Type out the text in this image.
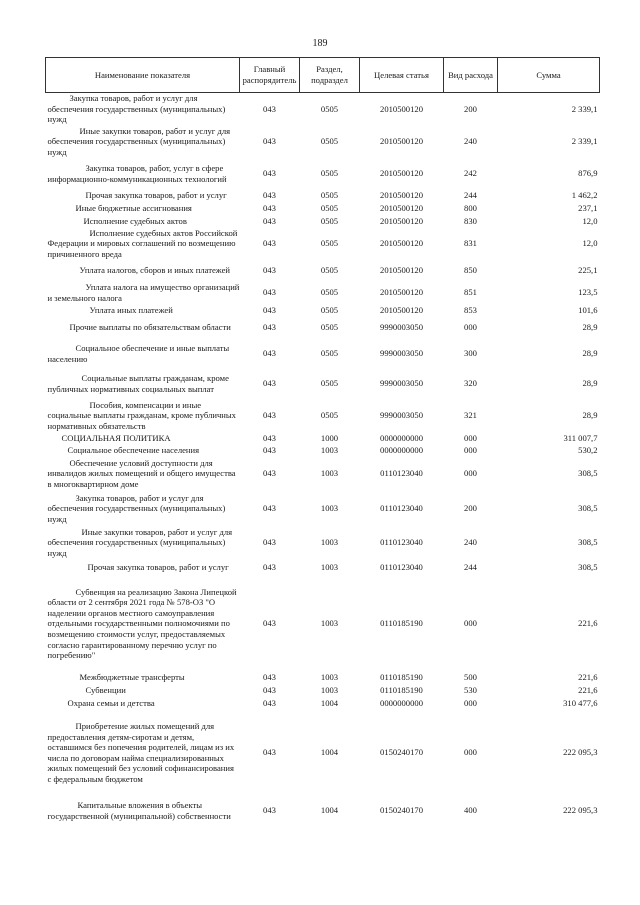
189
Наименование показателя	Главный распорядитель	Раздел, подраздел	Целевая статья	Вид расхода	Сумма
Закупка товаров, работ и услуг для обеспечения государственных (муниципальных) нужд	043	0505	2010500120	200	2 339,1
Иные закупки товаров, работ и услуг для обеспечения государственных (муниципальных) нужд	043	0505	2010500120	240	2 339,1
Закупка товаров, работ, услуг в сфере информационно-коммуникационных технологий	043	0505	2010500120	242	876,9
Прочая закупка товаров, работ и услуг	043	0505	2010500120	244	1 462,2
Иные бюджетные ассигнования	043	0505	2010500120	800	237,1
Исполнение судебных актов	043	0505	2010500120	830	12,0
Исполнение судебных актов Российской Федерации и мировых соглашений по возмещению причиненного вреда	043	0505	2010500120	831	12,0
Уплата налогов, сборов и иных платежей	043	0505	2010500120	850	225,1
Уплата налога на имущество организаций и земельного налога	043	0505	2010500120	851	123,5
Уплата иных платежей	043	0505	2010500120	853	101,6
Прочие выплаты по обязательствам области	043	0505	9990003050	000	28,9
Социальное обеспечение и иные выплаты населению	043	0505	9990003050	300	28,9
Социальные выплаты гражданам, кроме публичных нормативных социальных выплат	043	0505	9990003050	320	28,9
Пособия, компенсации и иные социальные выплаты гражданам, кроме публичных нормативных обязательств	043	0505	9990003050	321	28,9
СОЦИАЛЬНАЯ ПОЛИТИКА	043	1000	0000000000	000	311 007,7
Социальное обеспечение населения	043	1003	0000000000	000	530,2
Обеспечение условий доступности для инвалидов жилых помещений и общего имущества в многоквартирном доме	043	1003	0110123040	000	308,5
Закупка товаров, работ и услуг для обеспечения государственных (муниципальных) нужд	043	1003	0110123040	200	308,5
Иные закупки товаров, работ и услуг для обеспечения государственных (муниципальных) нужд	043	1003	0110123040	240	308,5
Прочая закупка товаров, работ и услуг	043	1003	0110123040	244	308,5
Субвенция на реализацию Закона Липецкой области от 2 сентября 2021 года № 578-ОЗ "О наделении органов местного самоуправления отдельными государственными полномочиями по возмещению стоимости услуг, предоставляемых согласно гарантированному перечню услуг по погребению"	043	1003	0110185190	000	221,6
Межбюджетные трансферты	043	1003	0110185190	500	221,6
Субвенции	043	1003	0110185190	530	221,6
Охрана семьи и детства	043	1004	0000000000	000	310 477,6
Приобретение жилых помещений для предоставления детям-сиротам и детям, оставшимся без попечения родителей, лицам из их числа по договорам найма специализированных жилых помещений без условий софинансирования с федеральным бюджетом	043	1004	0150240170	000	222 095,3
Капитальные вложения в объекты государственной (муниципальной) собственности	043	1004	0150240170	400	222 095,3
